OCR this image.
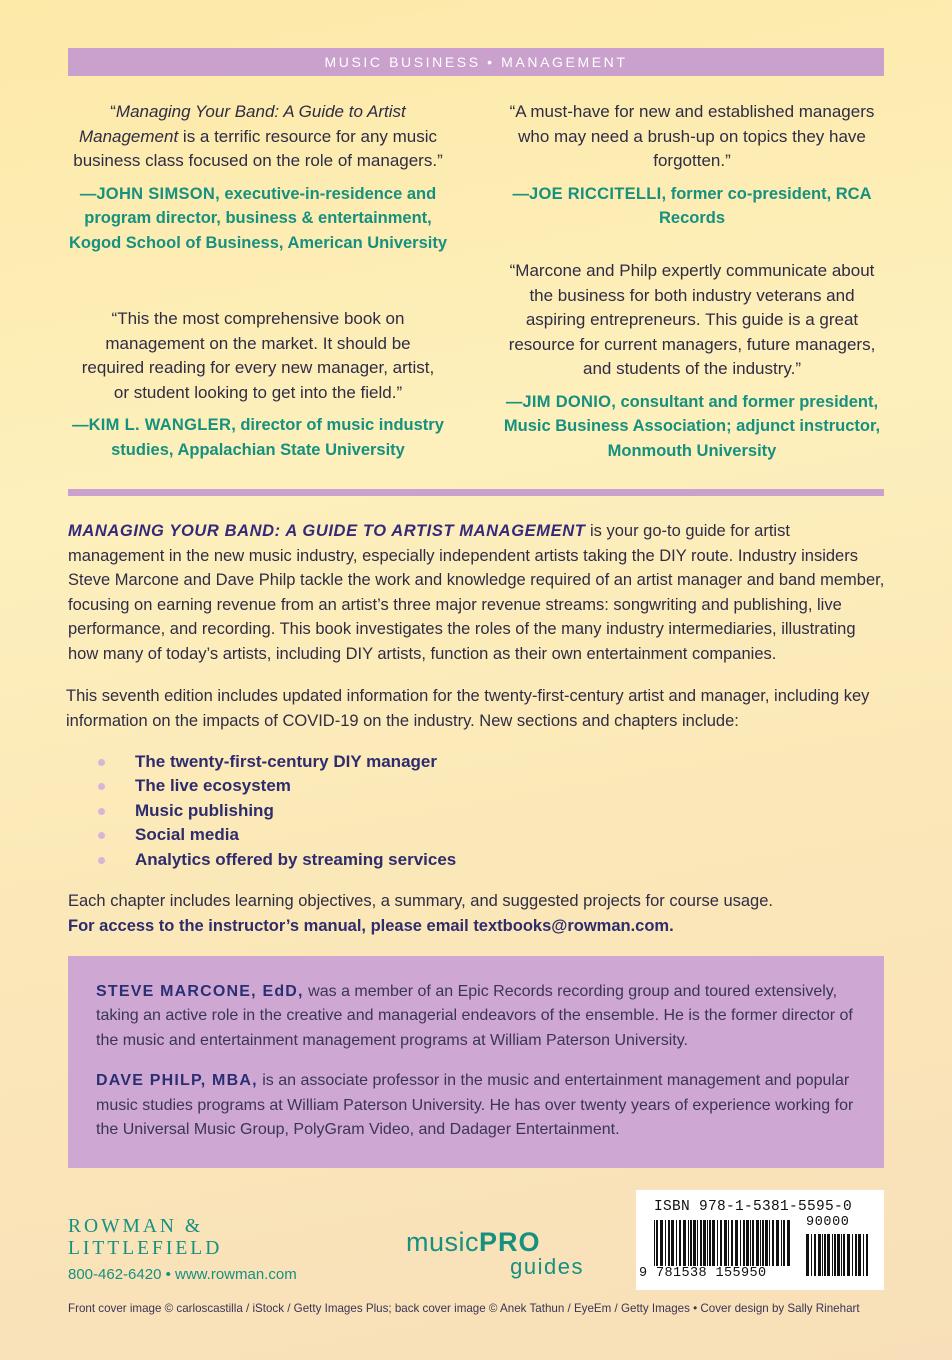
MUSIC BUSINESS • MANAGEMENT
“Managing Your Band: A Guide to Artist Management is a terrific resource for any music business class focused on the role of managers.”
—JOHN SIMSON, executive-in-residence and program director, business & entertainment, Kogod School of Business, American University
“This the most comprehensive book on management on the market. It should be required reading for every new manager, artist, or student looking to get into the field.”
—KIM L. WANGLER, director of music industry studies, Appalachian State University
“A must-have for new and established managers who may need a brush-up on topics they have forgotten.”
—JOE RICCITELLI, former co-president, RCA Records
“Marcone and Philp expertly communicate about the business for both industry veterans and aspiring entrepreneurs. This guide is a great resource for current managers, future managers, and students of the industry.”
—JIM DONIO, consultant and former president, Music Business Association; adjunct instructor, Monmouth University
MANAGING YOUR BAND: A GUIDE TO ARTIST MANAGEMENT is your go-to guide for artist management in the new music industry, especially independent artists taking the DIY route. Industry insiders Steve Marcone and Dave Philp tackle the work and knowledge required of an artist manager and band member, focusing on earning revenue from an artist’s three major revenue streams: songwriting and publishing, live performance, and recording. This book investigates the roles of the many industry intermediaries, illustrating how many of today’s artists, including DIY artists, function as their own entertainment companies.
This seventh edition includes updated information for the twenty-first-century artist and manager, including key information on the impacts of COVID-19 on the industry. New sections and chapters include:
The twenty-first-century DIY manager
The live ecosystem
Music publishing
Social media
Analytics offered by streaming services
Each chapter includes learning objectives, a summary, and suggested projects for course usage.
For access to the instructor’s manual, please email textbooks@rowman.com.

STEVE MARCONE, EdD, was a member of an Epic Records recording group and toured extensively, taking an active role in the creative and managerial endeavors of the ensemble. He is the former director of the music and entertainment management programs at William Paterson University.

DAVE PHILP, MBA, is an associate professor in the music and entertainment management and popular music studies programs at William Paterson University. He has over twenty years of experience working for the Universal Music Group, PolyGram Video, and Dadager Entertainment.

ROWMAN &
LITTLEFIELD
800-462-6420 • www.rowman.com
musicPRO
guides
ISBN 978-1-5381-5595-0
90000
9 781538 155950
Front cover image © carloscastilla / iStock / Getty Images Plus; back cover image © Anek Tathun / EyeEm / Getty Images • Cover design by Sally Rinehart
